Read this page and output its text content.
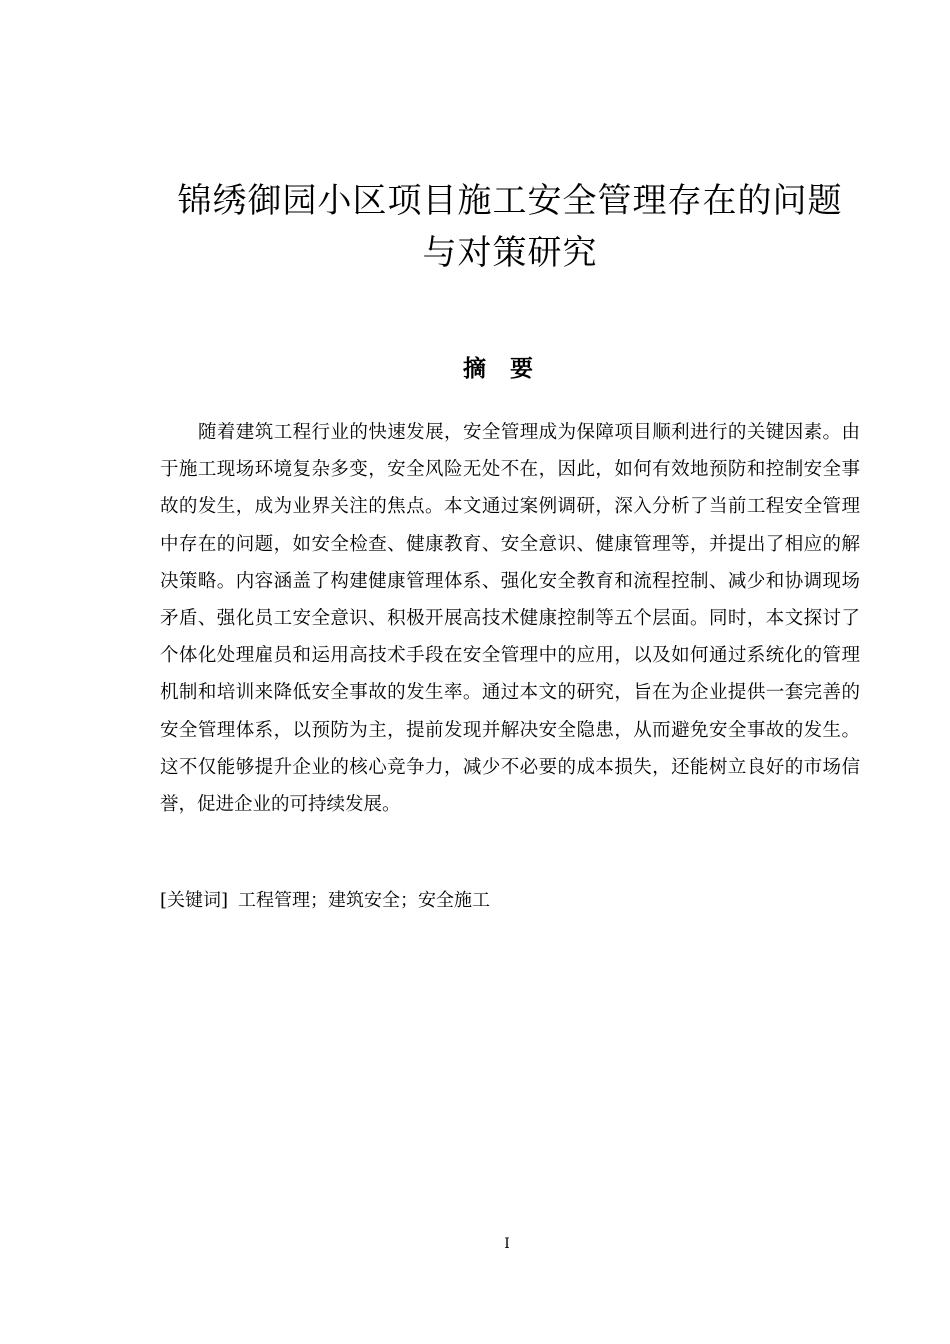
锦绣御园小区项目施工安全管理存在的问题
与对策研究
摘要
随着建筑工程行业的快速发展，安全管理成为保障项目顺利进行的关键因素。由于施工现场环境复杂多变，安全风险无处不在，因此，如何有效地预防和控制安全事故的发生，成为业界关注的焦点。本文通过案例调研，深入分析了当前工程安全管理中存在的问题，如安全检查、健康教育、安全意识、健康管理等，并提出了相应的解决策略。内容涵盖了构建健康管理体系、强化安全教育和流程控制、减少和协调现场矛盾、强化员工安全意识、积极开展高技术健康控制等五个层面。同时，本文探讨了个体化处理雇员和运用高技术手段在安全管理中的应用，以及如何通过系统化的管理机制和培训来降低安全事故的发生率。通过本文的研究，旨在为企业提供一套完善的安全管理体系，以预防为主，提前发现并解决安全隐患，从而避免安全事故的发生。这不仅能够提升企业的核心竞争力，减少不必要的成本损失，还能树立良好的市场信誉，促进企业的可持续发展。
[关键词] 工程管理；建筑安全；安全施工
I
